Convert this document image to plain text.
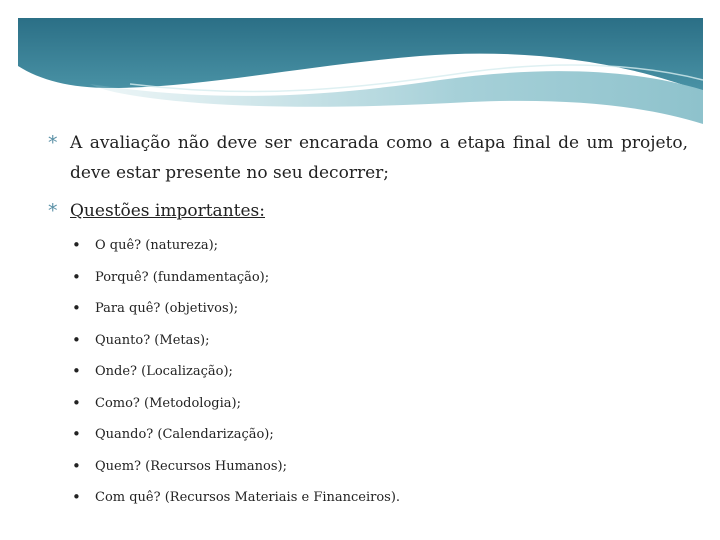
* A avaliação não deve ser encarada como a etapa final de um projeto, deve estar presente no seu decorrer;
* Questões importantes:
• O quê? (natureza);
• Porquê? (fundamentação);
• Para quê? (objetivos);
• Quanto? (Metas);
• Onde? (Localização);
• Como? (Metodologia);
• Quando? (Calendarização);
• Quem? (Recursos Humanos);
• Com quê? (Recursos Materiais e Financeiros).
